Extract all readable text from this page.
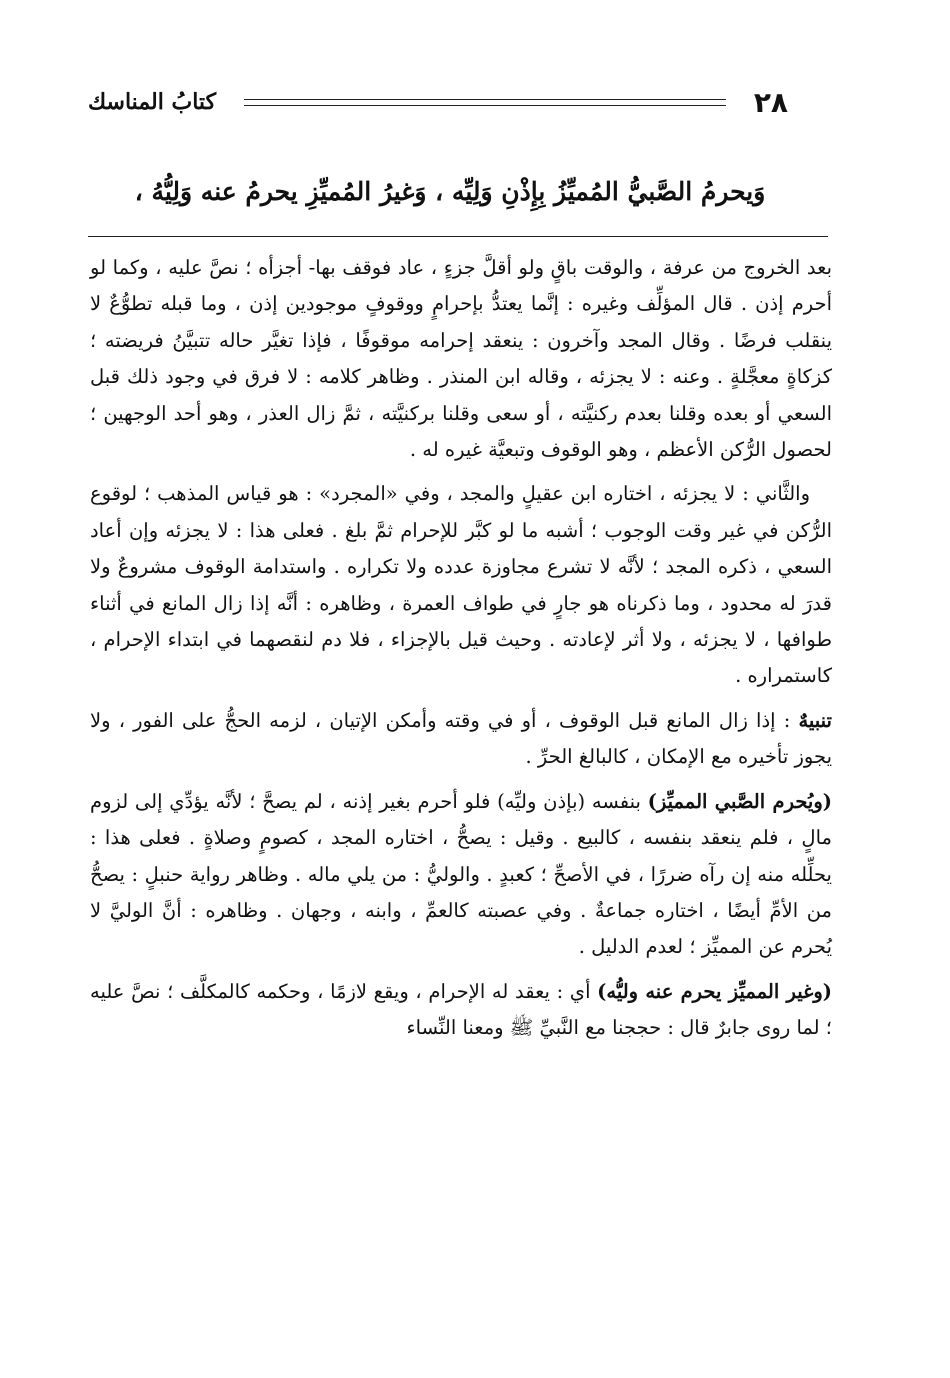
٢٨
كتابُ المناسك
وَيحرمُ الصَّبيُّ المُميِّزُ بِإِذْنِ وَلِيِّه ، وَغيرُ المُميِّزِ يحرمُ عنه وَلِيُّهُ ،

بعد الخروج من عرفة ، والوقت باقٍ ولو أقلَّ جزءٍ ، عاد فوقف بها- أجزأه ؛ نصَّ عليه ، وكما لو أحرم إذن . قال المؤلِّف وغيره : إنَّما يعتدُّ بإحرامٍ ووقوفٍ موجودين إذن ، وما قبله تطوُّعٌ لا ينقلب فرضًا . وقال المجد وآخرون : ينعقد إحرامه موقوفًا ، فإذا تغيَّر حاله تتبيَّنُ فريضته ؛ كزكاةٍ معجَّلةٍ . وعنه : لا يجزئه ، وقاله ابن المنذر . وظاهر كلامه : لا فرق في وجود ذلك قبل السعي أو بعده وقلنا بعدم ركنيَّته ، أو سعى وقلنا بركنيَّته ، ثمَّ زال العذر ، وهو أحد الوجهين ؛ لحصول الرُّكن الأعظم ، وهو الوقوف وتبعيَّة غيره له .

والثَّاني : لا يجزئه ، اختاره ابن عقيلٍ والمجد ، وفي «المجرد» : هو قياس المذهب ؛ لوقوع الرُّكن في غير وقت الوجوب ؛ أشبه ما لو كبَّر للإحرام ثمَّ بلغ . فعلى هذا : لا يجزئه وإن أعاد السعي ، ذكره المجد ؛ لأنَّه لا تشرع مجاوزة عدده ولا تكراره . واستدامة الوقوف مشروعٌ ولا قدرَ له محدود ، وما ذكرناه هو جارٍ في طواف العمرة ، وظاهره : أنَّه إذا زال المانع في أثناء طوافها ، لا يجزئه ، ولا أثر لإعادته . وحيث قيل بالإجزاء ، فلا دم لنقصهما في ابتداء الإحرام ، كاستمراره .

تنبيهٌ : إذا زال المانع قبل الوقوف ، أو في وقته وأمكن الإتيان ، لزمه الحجُّ على الفور ، ولا يجوز تأخيره مع الإمكان ، كالبالغ الحرِّ .

(ويُحرم الصَّبي المميِّز) بنفسه (بإذن وليِّه) فلو أحرم بغير إذنه ، لم يصحَّ ؛ لأنَّه يؤدِّي إلى لزوم مالٍ ، فلم ينعقد بنفسه ، كالبيع . وقيل : يصحُّ ، اختاره المجد ، كصومٍ وصلاةٍ . فعلى هذا : يحلِّله منه إن رآه ضررًا ، في الأصحِّ ؛ كعبدٍ . والوليُّ : من يلي ماله . وظاهر رواية حنبلٍ : يصحُّ من الأمِّ أيضًا ، اختاره جماعةٌ . وفي عصبته كالعمِّ ، وابنه ، وجهان . وظاهره : أنَّ الوليَّ لا يُحرم عن المميِّز ؛ لعدم الدليل .

(وغير المميِّز يحرم عنه وليُّه) أي : يعقد له الإحرام ، ويقع لازمًا ، وحكمه كالمكلَّف ؛ نصَّ عليه ؛ لما روى جابرٌ قال : حججنا مع النَّبيِّ ﷺ ومعنا النِّساء
